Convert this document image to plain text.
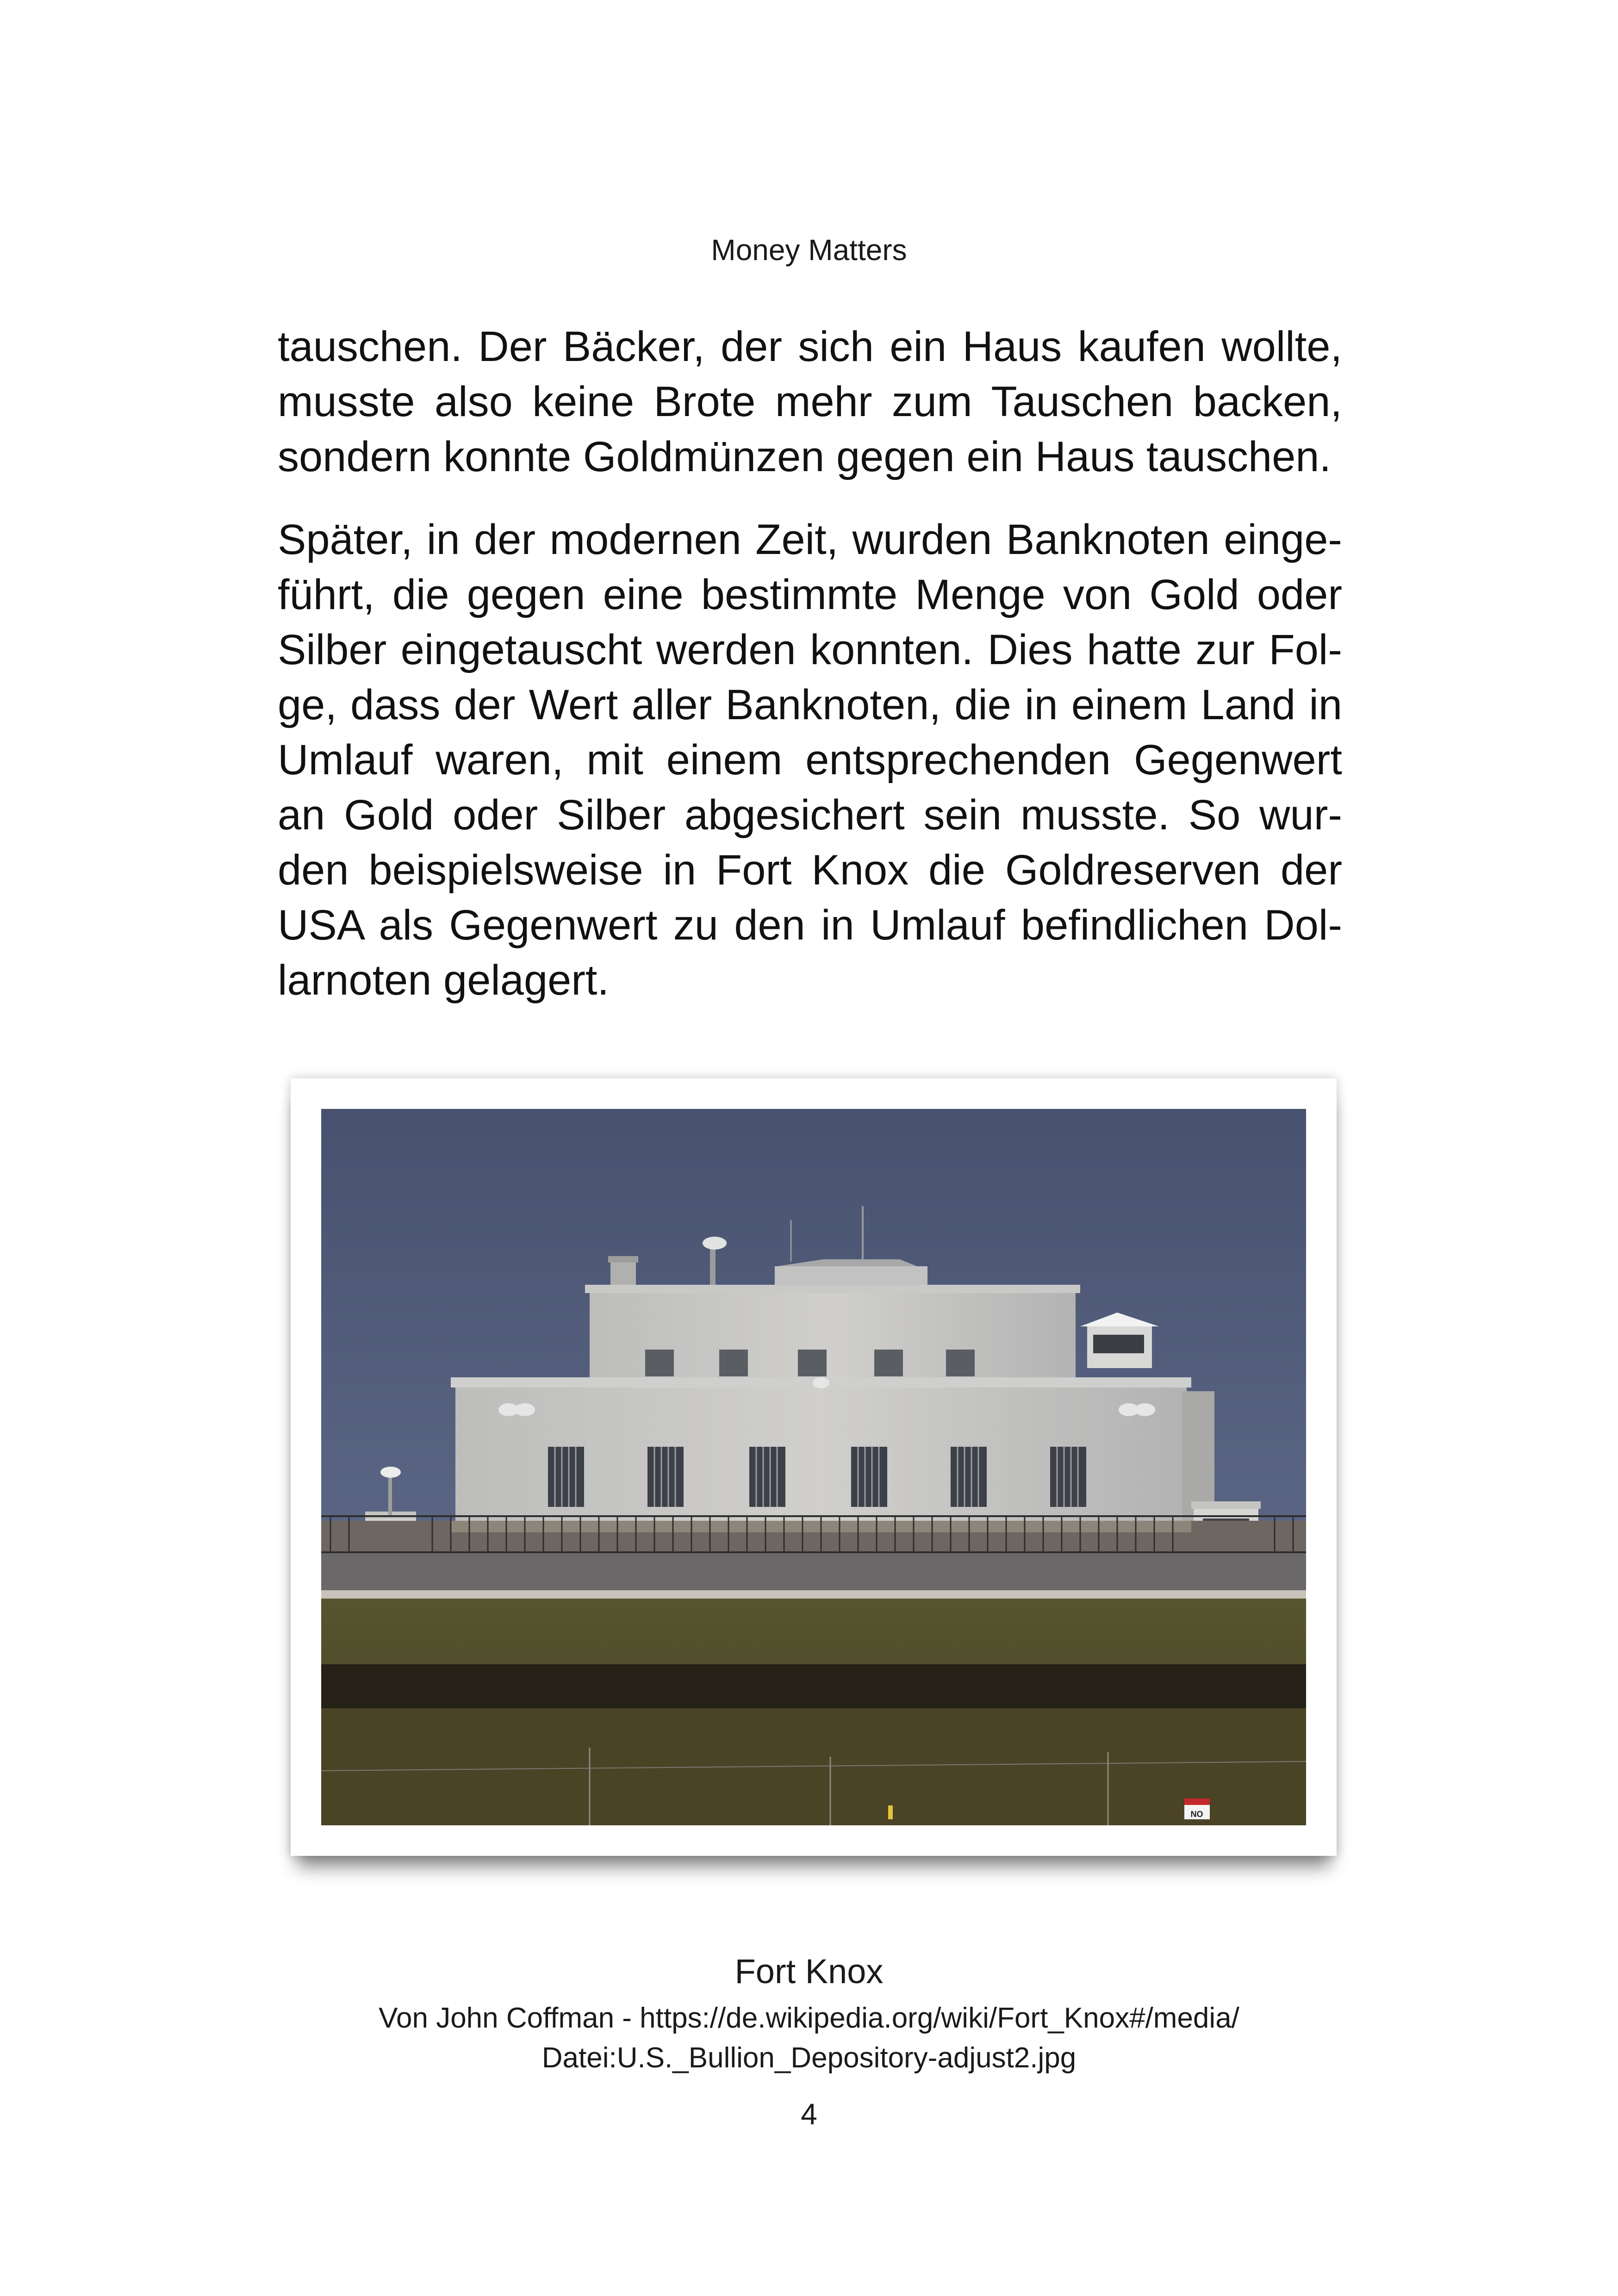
Money Matters

tauschen. Der Bäcker, der sich ein Haus kaufen wollte, musste also keine Brote mehr zum Tauschen backen, sondern konnte Goldmünzen gegen ein Haus tauschen.

Später, in der modernen Zeit, wurden Banknoten eingeführt, die gegen eine bestimmte Menge von Gold oder Silber eingetauscht werden konnten. Dies hatte zur Folge, dass der Wert aller Banknoten, die in einem Land in Umlauf waren, mit einem entsprechenden Gegenwert an Gold oder Silber abgesichert sein musste. So wurden beispielsweise in Fort Knox die Goldreserven der USA als Gegenwert zu den in Umlauf befindlichen Dollarnoten gelagert.

NO
Fort Knox
Von John Coffman - https://de.wikipedia.org/wiki/Fort_Knox#/media/
Datei:U.S._Bullion_Depository-adjust2.jpg
4
